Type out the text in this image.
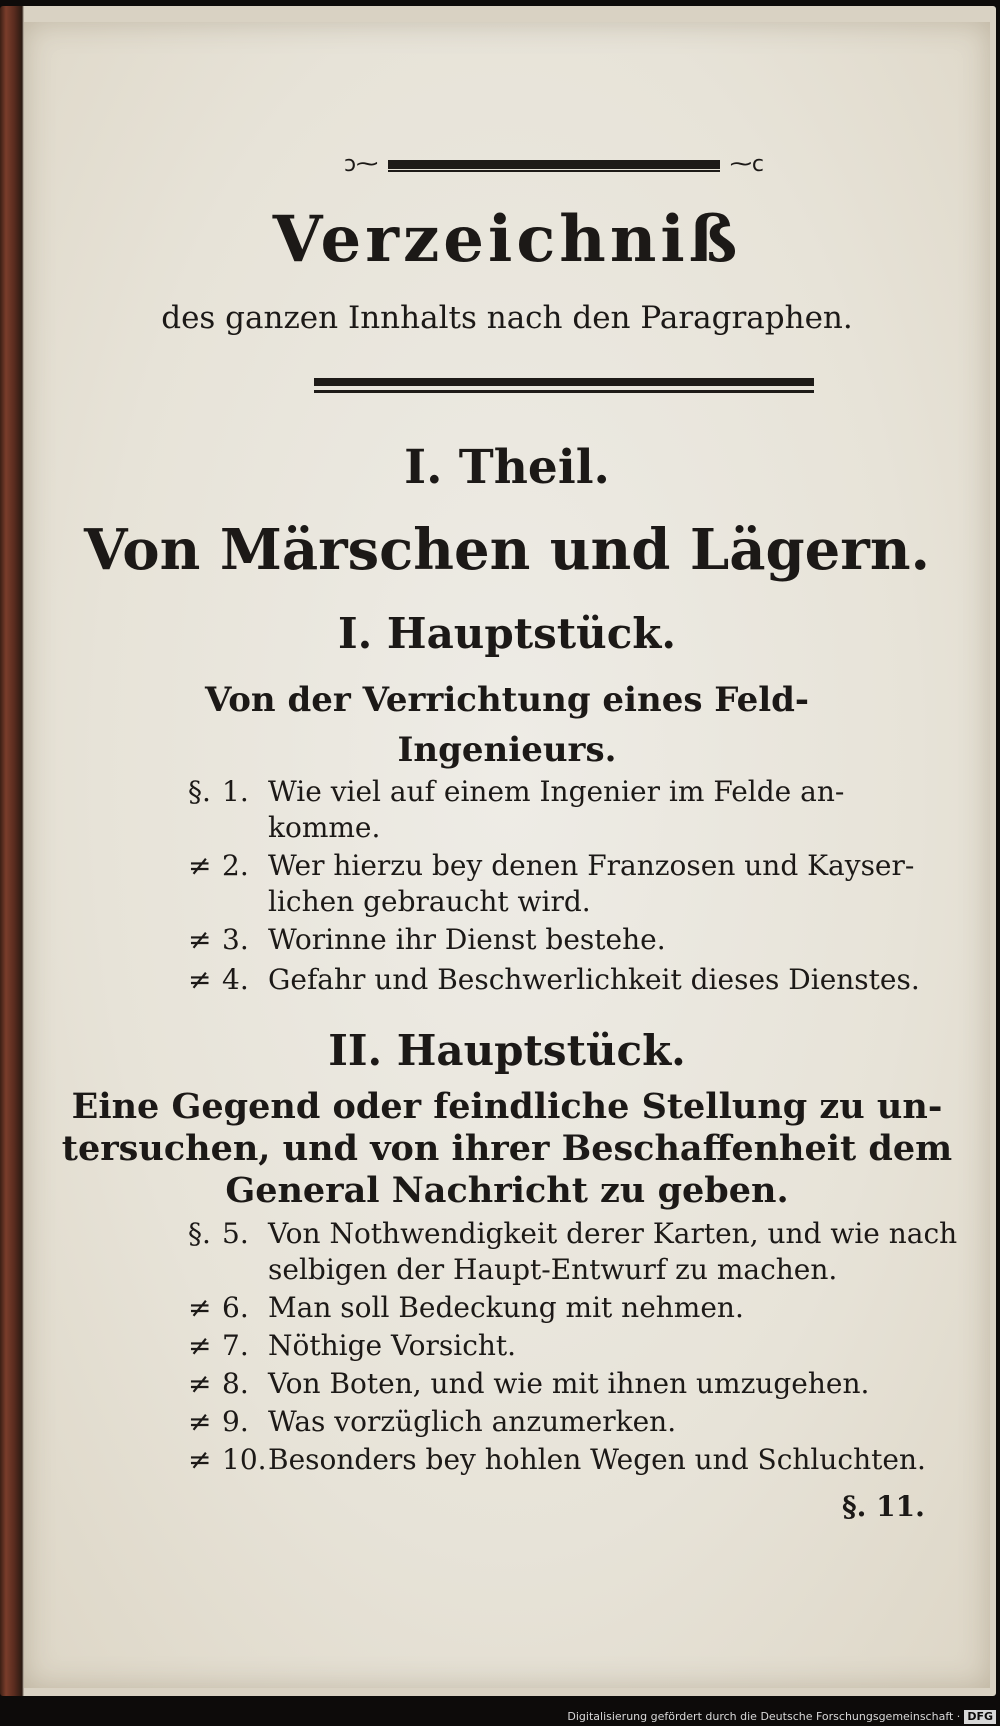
ↄ⁓	⁓c
Verzeichniß
des ganzen Innhalts nach den Paragraphen.
I. Theil.
Von Märschen und Lägern.
I. Hauptstück.
Von der Verrichtung eines Feld-
Ingenieurs.
§. 1. Wie viel auf einem Ingenier im Felde an-
komme.
≠ 2. Wer hierzu bey denen Franzosen und Kayser-
lichen gebraucht wird.
≠ 3. Worinne ihr Dienst bestehe.
≠ 4. Gefahr und Beschwerlichkeit dieses Dienstes.
II. Hauptstück.
Eine Gegend oder feindliche Stellung zu un-
tersuchen, und von ihrer Beschaffenheit dem
General Nachricht zu geben.
§. 5. Von Nothwendigkeit derer Karten, und wie nach
selbigen der Haupt-Entwurf zu machen.
≠ 6. Man soll Bedeckung mit nehmen.
≠ 7. Nöthige Vorsicht.
≠ 8. Von Boten, und wie mit ihnen umzugehen.
≠ 9. Was vorzüglich anzumerken.
≠ 10.Besonders bey hohlen Wegen und Schluchten.
§. 11.
Digitalisierung gefördert durch die Deutsche Forschungsgemeinschaft · DFG
